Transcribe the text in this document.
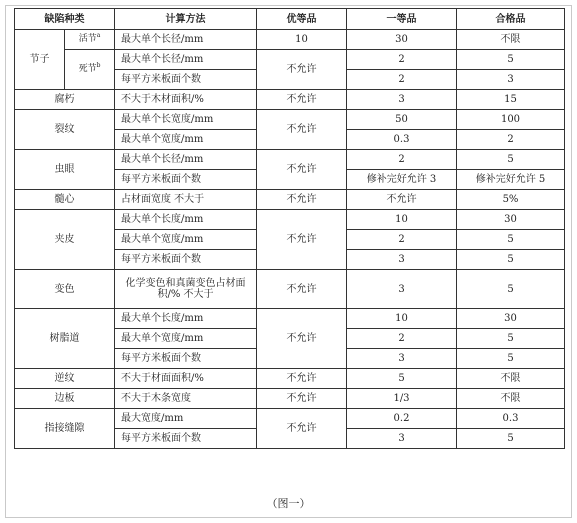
缺陷种类		计算方法	优等品	一等品	合格品
节子	活节$^a$	最大单个长径/mm	10	30	不限
	死节$^b$	最大单个长径/mm	不允许	2	5
		每平方米板面个数		2	3
腐朽		不大于木材面积/%	不允许	3	15
裂纹		最大单个长宽度/mm	不允许	50	100
		最大单个宽度/mm		0.3	2
虫眼		最大单个长径/mm	不允许	2	5
		每平方米板面个数		修补完好允许 3	修补完好允许 5
髓心		占材面宽度 不大于	不允许	不允许	5%
夹皮		最大单个长度/mm	不允许	10	30
		最大单个宽度/mm		2	5
		每平方米板面个数		3	5
变色		化学变色和真菌变色占材面积/% 不大于	不允许	3	5
树脂道		最大单个长度/mm	不允许	10	30
		最大单个宽度/mm		2	5
		每平方米板面个数		3	5
逆纹		不大于材面面积/%	不允许	5	不限
边板		不大于木条宽度	不允许	1/3	不限
指接缝隙		最大宽度/mm	不允许	0.2	0.3
		每平方米板面个数		3	5
（图一）
